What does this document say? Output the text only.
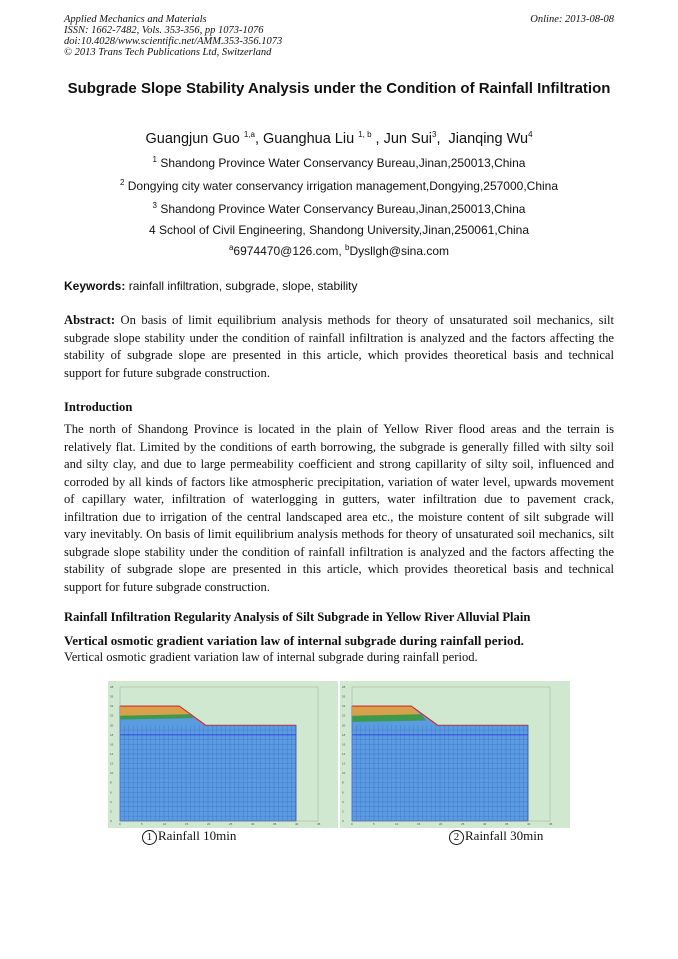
Applied Mechanics and Materials
ISSN: 1662-7482, Vols. 353-356, pp 1073-1076
doi:10.4028/www.scientific.net/AMM.353-356.1073
© 2013 Trans Tech Publications Ltd, Switzerland
Online: 2013-08-08
Subgrade Slope Stability Analysis under the Condition of Rainfall Infiltration
Guangjun Guo $^{1,a}$, Guanghua Liu $^{1, b}$ , Jun Sui$^3$,  Jianqing Wu$^4$
$^1$ Shandong Province Water Conservancy Bureau,Jinan,250013,China
$^2$ Dongying city water conservancy irrigation management,Dongying,257000,China
$^3$ Shandong Province Water Conservancy Bureau,Jinan,250013,China
4 School of Civil Engineering, Shandong University,Jinan,250061,China
$^a$6974470@126.com, $^b$Dysllgh@sina.com
Keywords: rainfall infiltration, subgrade, slope, stability
Abstract: On basis of limit equilibrium analysis methods for theory of unsaturated soil mechanics, silt subgrade slope stability under the condition of rainfall infiltration is analyzed and the factors affecting the stability of subgrade slope are presented in this article, which provides theoretical basis and technical support for future subgrade construction.
Introduction
The north of Shandong Province is located in the plain of Yellow River flood areas and the terrain is relatively flat. Limited by the conditions of earth borrowing, the subgrade is generally filled with silty soil and silty clay, and due to large permeability coefficient and strong capillarity of silty soil, influenced and corroded by all kinds of factors like atmospheric precipitation, variation of water level, upwards movement of capillary water, infiltration of waterlogging in gutters, water infiltration due to pavement crack, infiltration due to irrigation of the central landscaped area etc., the moisture content of silt subgrade will vary inevitably. On basis of limit equilibrium analysis methods for theory of unsaturated soil mechanics, silt subgrade slope stability under the condition of rainfall infiltration is analyzed and the factors affecting the stability of subgrade slope are presented in this article, which provides theoretical basis and technical support for future subgrade construction.
Rainfall Infiltration Regularity Analysis of Silt Subgrade in Yellow River Alluvial Plain
Vertical osmotic gradient variation law of internal subgrade during rainfall period.
Vertical osmotic gradient variation law of internal subgrade during rainfall period.
0	5	10	15	20	25	30	35	40	45
0
2
4
6
8
10
12
14
16
18
20
22
24
26
28
0	5	10	15	20	25	30	35	40	45
0
2
4
6
8
10
12
14
16
18
20
22
24
26
28
1 Rainfall 10min	2 Rainfall 30min
